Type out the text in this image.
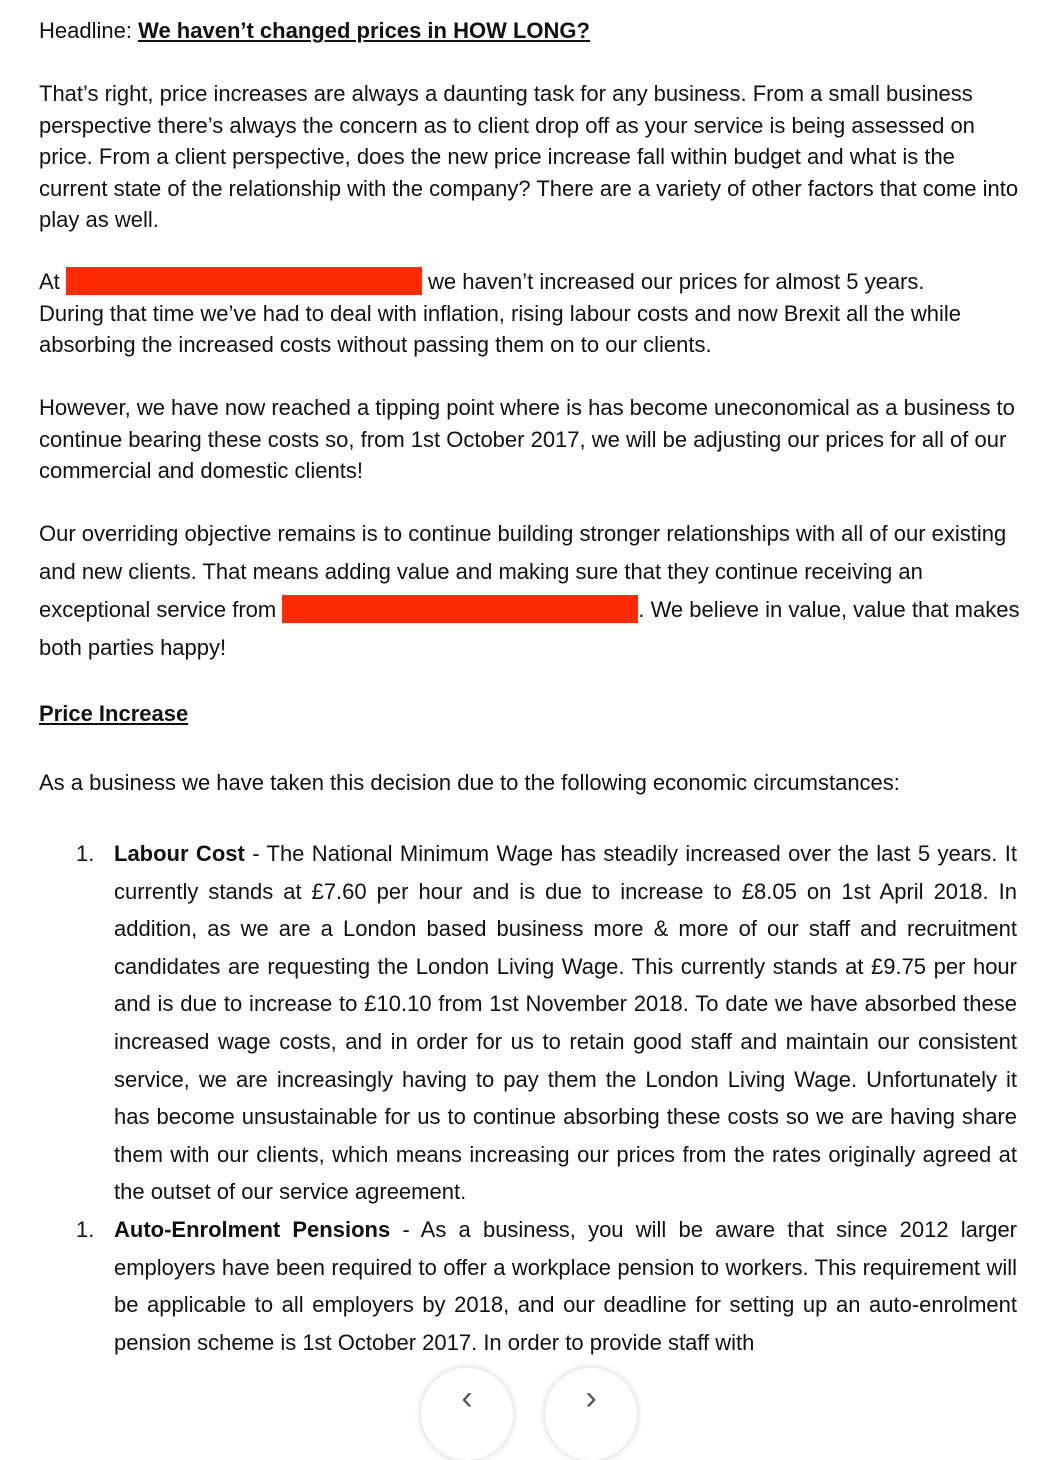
Headline: We haven’t changed prices in HOW LONG?

That’s right, price increases are always a daunting task for any business. From a small business perspective there’s always the concern as to client drop off as your service is being assessed on price. From a client perspective, does the new price increase fall within budget and what is the current state of the relationship with the company? There are a variety of other factors that come into play as well.

At	we haven’t increased our prices for almost 5 years.
During that time we’ve had to deal with inflation, rising labour costs and now Brexit all the while absorbing the increased costs without passing them on to our clients.

However, we have now reached a tipping point where is has become uneconomical as a business to continue bearing these costs so, from 1st October 2017, we will be adjusting our prices for all of our commercial and domestic clients!

Our overriding objective remains is to continue building stronger relationships with all of our existing and new clients. That means adding value and making sure that they continue receiving an exceptional service from	. We believe in value, value that makes both parties happy!

Price Increase

As a business we have taken this decision due to the following economic circumstances:

1. Labour Cost - The National Minimum Wage has steadily increased over the last 5 years. It currently stands at £7.60 per hour and is due to increase to £8.05 on 1st April 2018. In addition, as we are a London based business more & more of our staff and recruitment candidates are requesting the London Living Wage. This currently stands at £9.75 per hour and is due to increase to £10.10 from 1st November 2018. To date we have absorbed these increased wage costs, and in order for us to retain good staff and maintain our consistent service, we are increasingly having to pay them the London Living Wage. Unfortunately it has become unsustainable for us to continue absorbing these costs so we are having share them with our clients, which means increasing our prices from the rates originally agreed at the outset of our service agreement.
1. Auto-Enrolment Pensions - As a business, you will be aware that since 2012 larger employers have been required to offer a workplace pension to workers. This requirement will be applicable to all employers by 2018, and our deadline for setting up an auto-enrolment pension scheme is 1st October 2017. In order to provide staff with
‹	›
